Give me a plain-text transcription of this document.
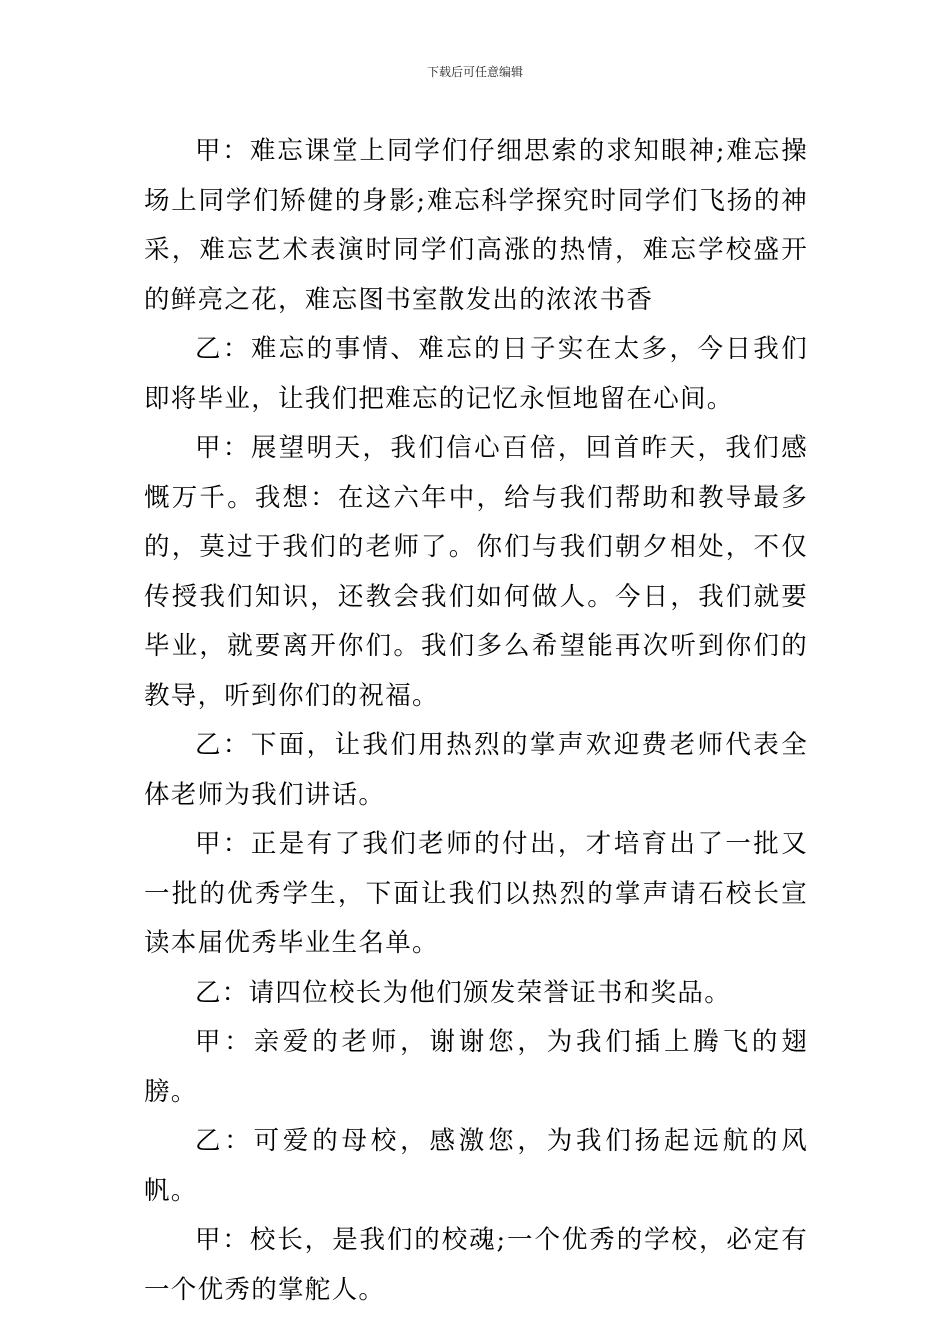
下载后可任意编辑

甲：难忘课堂上同学们仔细思索的求知眼神;难忘操场上同学们矫健的身影;难忘科学探究时同学们飞扬的神采，难忘艺术表演时同学们高涨的热情，难忘学校盛开的鲜亮之花，难忘图书室散发出的浓浓书香

乙：难忘的事情、难忘的日子实在太多，今日我们即将毕业，让我们把难忘的记忆永恒地留在心间。

甲：展望明天，我们信心百倍，回首昨天，我们感慨万千。我想：在这六年中，给与我们帮助和教导最多的，莫过于我们的老师了。你们与我们朝夕相处，不仅传授我们知识，还教会我们如何做人。今日，我们就要毕业，就要离开你们。我们多么希望能再次听到你们的教导，听到你们的祝福。

乙：下面，让我们用热烈的掌声欢迎费老师代表全体老师为我们讲话。

甲：正是有了我们老师的付出，才培育出了一批又一批的优秀学生，下面让我们以热烈的掌声请石校长宣读本届优秀毕业生名单。

乙：请四位校长为他们颁发荣誉证书和奖品。

甲：亲爱的老师，谢谢您，为我们插上腾飞的翅膀。

乙：可爱的母校，感激您，为我们扬起远航的风帆。

甲：校长，是我们的校魂;一个优秀的学校，必定有一个优秀的掌舵人。
